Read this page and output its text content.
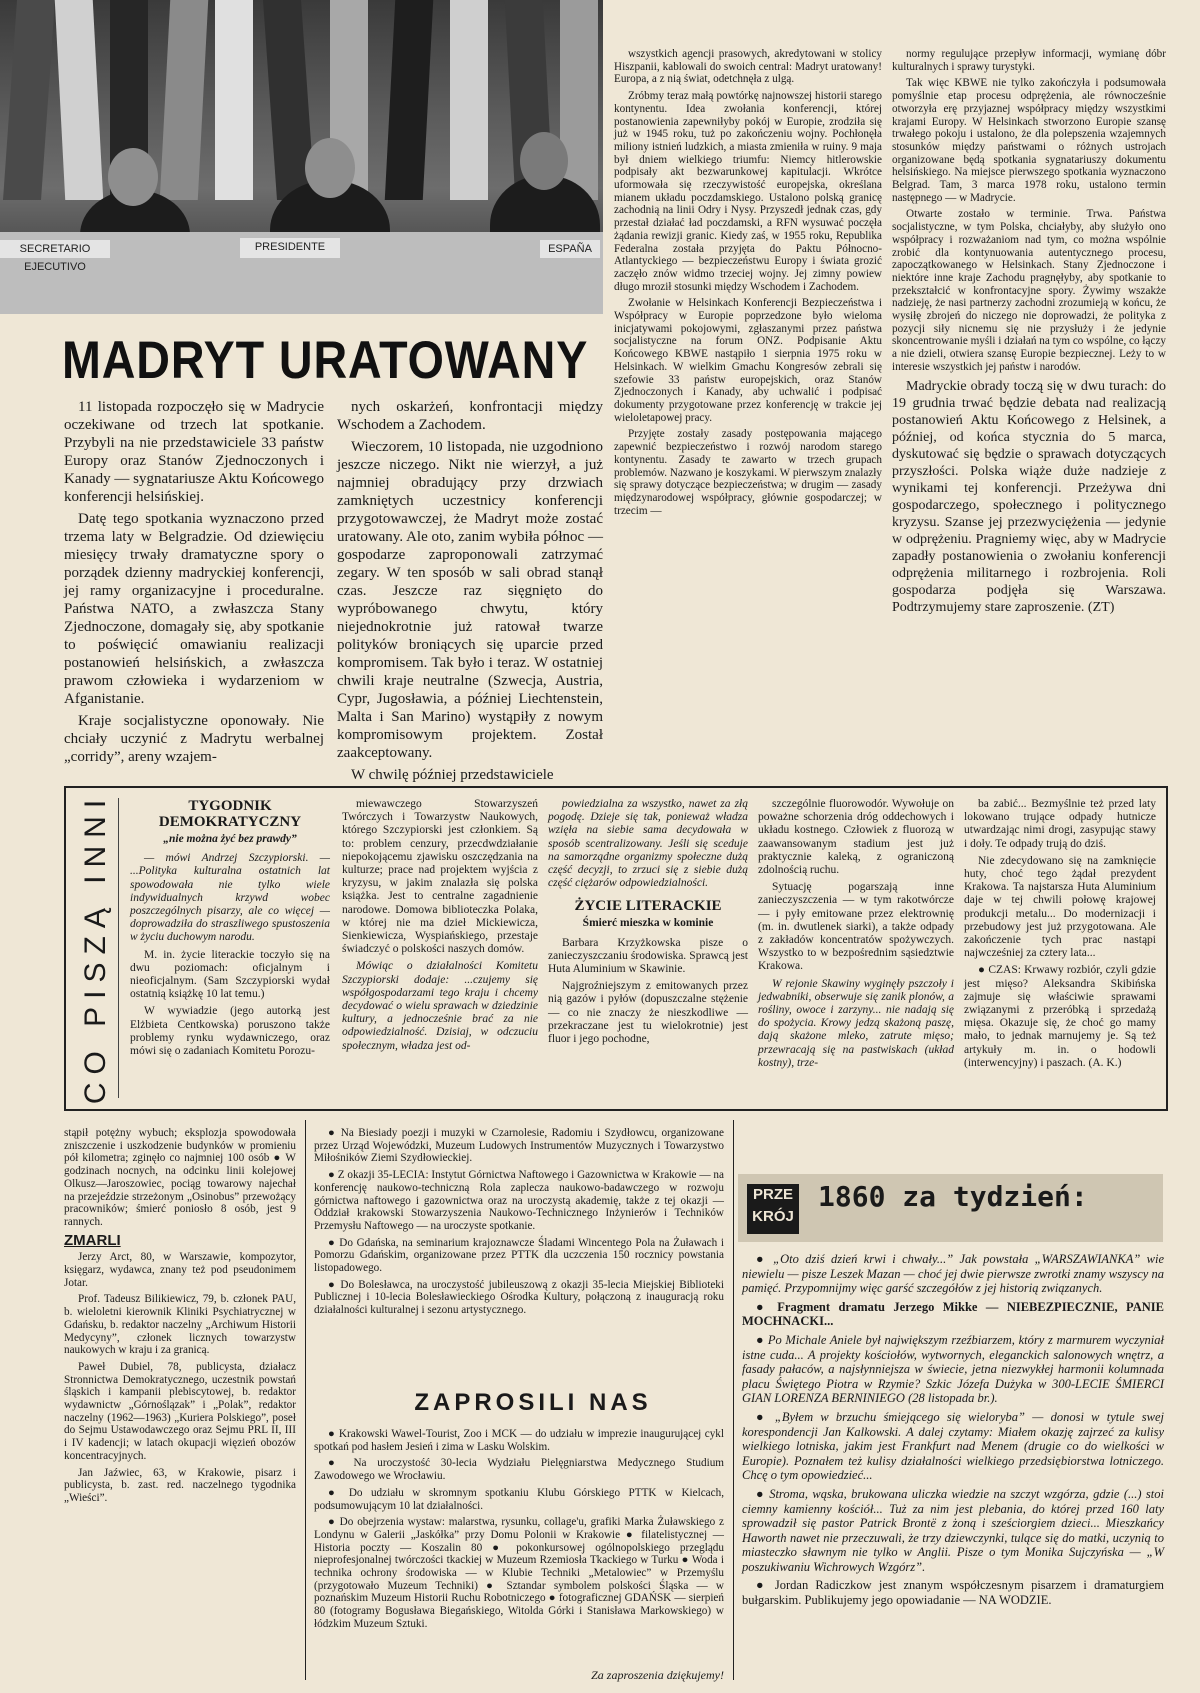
SECRETARIO EJECUTIVO
PRESIDENTE	ESPAÑA
MADRYT URATOWANY

11 listopada rozpoczęło się w Madrycie oczekiwane od trzech lat spotkanie. Przybyli na nie przedstawiciele 33 państw Europy oraz Stanów Zjednoczonych i Kanady — sygnatariusze Aktu Końcowego konferencji helsińskiej.

Datę tego spotkania wyznaczono przed trzema laty w Belgradzie. Od dziewięciu miesięcy trwały dramatyczne spory o porządek dzienny madryckiej konferencji, jej ramy organizacyjne i proceduralne. Państwa NATO, a zwłaszcza Stany Zjednoczone, domagały się, aby spotkanie to poświęcić omawianiu realizacji postanowień helsińskich, a zwłaszcza prawom człowieka i wydarzeniom w Afganistanie.

Kraje socjalistyczne oponowały. Nie chciały uczynić z Madrytu werbalnej „corridy”, areny wzajem-

nych oskarżeń, konfrontacji między Wschodem a Zachodem.

Wieczorem, 10 listopada, nie uzgodniono jeszcze niczego. Nikt nie wierzył, a już najmniej obradujący przy drzwiach zamkniętych uczestnicy konferencji przygotowawczej, że Madryt może zostać uratowany. Ale oto, zanim wybiła północ — gospodarze zaproponowali zatrzymać zegary. W ten sposób w sali obrad stanął czas. Jeszcze raz sięgnięto do wypróbowanego chwytu, który niejednokrotnie już ratował twarze polityków broniących się uparcie przed kompromisem. Tak było i teraz. W ostatniej chwili kraje neutralne (Szwecja, Austria, Cypr, Jugosławia, a później Liechtenstein, Malta i San Marino) wystąpiły z nowym kompromisowym projektem. Został zaakceptowany.

W chwilę później przedstawiciele

wszystkich agencji prasowych, akredytowani w stolicy Hiszpanii, kablowali do swoich central: Madryt uratowany! Europa, a z nią świat, odetchnęła z ulgą.

Zróbmy teraz małą powtórkę najnowszej historii starego kontynentu. Idea zwołania konferencji, której postanowienia zapewniłyby pokój w Europie, zrodziła się już w 1945 roku, tuż po zakończeniu wojny. Pochłonęła miliony istnień ludzkich, a miasta zmieniła w ruiny. 9 maja był dniem wielkiego triumfu: Niemcy hitlerowskie podpisały akt bezwarunkowej kapitulacji. Wkrótce uformowała się rzeczywistość europejska, określana mianem układu poczdamskiego. Ustalono polską granicę zachodnią na linii Odry i Nysy. Przyszedł jednak czas, gdy przestał działać ład poczdamski, a RFN wysuwać poczęła żądania rewizji granic. Kiedy zaś, w 1955 roku, Republika Federalna została przyjęta do Paktu Północno-Atlantyckiego — bezpieczeństwu Europy i świata grozić zaczęło znów widmo trzeciej wojny. Jej zimny powiew długo mroził stosunki między Wschodem i Zachodem.

Zwołanie w Helsinkach Konferencji Bezpieczeństwa i Współpracy w Europie poprzedzone było wieloma inicjatywami pokojowymi, zgłaszanymi przez państwa socjalistyczne na forum ONZ. Podpisanie Aktu Końcowego KBWE nastąpiło 1 sierpnia 1975 roku w Helsinkach. W wielkim Gmachu Kongresów zebrali się szefowie 33 państw europejskich, oraz Stanów Zjednoczonych i Kanady, aby uchwalić i podpisać dokumenty przygotowane przez konferencję w trakcie jej wieloletapowej pracy.

Przyjęte zostały zasady postępowania mającego zapewnić bezpieczeństwo i rozwój narodom starego kontynentu. Zasady te zawarto w trzech grupach problemów. Nazwano je koszykami. W pierwszym znalazły się sprawy dotyczące bezpieczeństwa; w drugim — zasady międzynarodowej współpracy, głównie gospodarczej; w trzecim —

normy regulujące przepływ informacji, wymianę dóbr kulturalnych i sprawy turystyki.

Tak więc KBWE nie tylko zakończyła i podsumowała pomyślnie etap procesu odprężenia, ale równocześnie otworzyła erę przyjaznej współpracy między wszystkimi krajami Europy. W Helsinkach stworzono Europie szansę trwałego pokoju i ustalono, że dla polepszenia wzajemnych stosunków między państwami o różnych ustrojach organizowane będą spotkania sygnatariuszy dokumentu helsińskiego. Na miejsce pierwszego spotkania wyznaczono Belgrad. Tam, 3 marca 1978 roku, ustalono termin następnego — w Madrycie.

Otwarte zostało w terminie. Trwa. Państwa socjalistyczne, w tym Polska, chciałyby, aby służyło ono współpracy i rozważaniom nad tym, co można wspólnie zrobić dla kontynuowania autentycznego procesu, zapoczątkowanego w Helsinkach. Stany Zjednoczone i niektóre inne kraje Zachodu pragnęłyby, aby spotkanie to przekształcić w konfrontacyjne spory. Żywimy wszakże nadzieję, że nasi partnerzy zachodni zrozumieją w końcu, że wysiłę zbrojeń do niczego nie doprowadzi, że polityka z pozycji siły nicnemu się nie przysłuży i że jedynie skoncentrowanie myśli i działań na tym co wspólne, co łączy a nie dzieli, otwiera szansę Europie bezpiecznej. Leży to w interesie wszystkich jej państw i narodów.

Madryckie obrady toczą się w dwu turach: do 19 grudnia trwać będzie debata nad realizacją postanowień Aktu Końcowego z Helsinek, a później, od końca stycznia do 5 marca, dyskutować się będzie o sprawach dotyczących przyszłości. Polska wiąże duże nadzieje z wynikami tej konferencji. Przeżywa dni gospodarczego, społecznego i politycznego kryzysu. Szanse jej przezwyciężenia — jedynie w odprężeniu. Pragniemy więc, aby w Madrycie zapadły postanowienia o zwołaniu konferencji odprężenia militarnego i rozbrojenia. Roli gospodarza podjęła się Warszawa. Podtrzymujemy stare zaproszenie. (ZT)

CO PISZĄ INNI	TYGODNIK DEMOKRATYCZNY
„nie można żyć bez prawdy”

— mówi Andrzej Szczypiorski. — ...Polityka kulturalna ostatnich lat spowodowała nie tylko wiele indywidualnych krzywd wobec poszczególnych pisarzy, ale co więcej — doprowadziła do straszliwego spustoszenia w życiu duchowym narodu.

M. in. życie literackie toczyło się na dwu poziomach: oficjalnym i nieoficjalnym. (Sam Szczypiorski wydał ostatnią książkę 10 lat temu.)

W wywiadzie (jego autorką jest Elżbieta Centkowska) poruszono także problemy rynku wydawniczego, oraz mówi się o zadaniach Komitetu Porozu-

miewawczego Stowarzyszeń Twórczych i Towarzystw Naukowych, którego Szczypiorski jest członkiem. Są to: problem cenzury, przecdwdziałanie niepokojącemu zjawisku oszczędzania na kulturze; prace nad projektem wyjścia z kryzysu, w jakim znalazła się polska książka. Jest to centralne zagadnienie narodowe. Domowa biblioteczka Polaka, w której nie ma dzieł Mickiewicza, Sienkiewicza, Wyspiańskiego, przestaje świadczyć o polskości naszych domów.

Mówiąc o działalności Komitetu Szczypiorski dodaje: ...czujemy się współgospodarzami tego kraju i chcemy decydować o wielu sprawach w dziedzinie kultury, a jednocześnie brać za nie odpowiedzialność. Dzisiaj, w odczuciu społecznym, władza jest od-

powiedzialna za wszystko, nawet za złą pogodę. Dzieje się tak, ponieważ władza wzięła na siebie sama decydowała w sposób scentralizowany. Jeśli się sceduje na samorządne organizmy społeczne dużą część decyzji, to zrzuci się z siebie dużą część ciężarów odpowiedzialności.

ŻYCIE LITERACKIE
Śmierć mieszka w kominie

Barbara Krzyżkowska pisze o zanieczyszczaniu środowiska. Sprawcą jest Huta Aluminium w Skawinie.

Najgroźniejszym z emitowanych przez nią gazów i pyłów (dopuszczalne stężenie — co nie znaczy że nieszkodliwe — przekraczane jest tu wielokrotnie) jest fluor i jego pochodne,

szczególnie fluorowodór. Wywołuje on poważne schorzenia dróg oddechowych i układu kostnego. Człowiek z fluorozą w zaawansowanym stadium jest już praktycznie kaleką, z ograniczoną zdolnością ruchu.

Sytuację pogarszają inne zanieczyszczenia — w tym rakotwórcze — i pyły emitowane przez elektrownię (m. in. dwutlenek siarki), a także odpady z zakładów koncentratów spożywczych. Wszystko to w bezpośrednim sąsiedztwie Krakowa.

W rejonie Skawiny wyginęły pszczoły i jedwabniki, obserwuje się zanik plonów, a rośliny, owoce i zarzyny... nie nadają się do spożycia. Krowy jedzą skażoną paszę, dają skażone mleko, zatrute mięso; przewracają się na pastwiskach (układ kostny), trze-

ba zabić... Bezmyślnie też przed laty lokowano trujące odpady hutnicze utwardzając nimi drogi, zasypując stawy i doły. Te odpady trują do dziś.

Nie zdecydowano się na zamknięcie huty, choć tego żądał prezydent Krakowa. Ta najstarsza Huta Aluminium daje w tej chwili połowę krajowej produkcji metalu... Do modernizacji i przebudowy jest już przygotowana. Ale zakończenie tych prac nastąpi najwcześniej za cztery lata...

● CZAS: Krwawy rozbiór, czyli gdzie jest mięso? Aleksandra Skibińska zajmuje się właściwie sprawami związanymi z przeróbką i sprzedażą mięsa. Okazuje się, że choć go mamy mało, to jednak marnujemy je. Są też artykuły m. in. o hodowli (interwencyjny) i paszach. (A. K.)

stąpił potężny wybuch; eksplozja spowodowała zniszczenie i uszkodzenie budynków w promieniu pół kilometra; zginęło co najmniej 100 osób ● W godzinach nocnych, na odcinku linii kolejowej Olkusz—Jaroszowiec, pociąg towarowy najechał na przejeździe strzeżonym „Osinobus” przewożący pracowników; śmierć poniosło 8 osób, jest 9 rannych.

ZMARLI

Jerzy Arct, 80, w Warszawie, kompozytor, księgarz, wydawca, znany też pod pseudonimem Jotar.

Prof. Tadeusz Bilikiewicz, 79, b. członek PAU, b. wieloletni kierownik Kliniki Psychiatrycznej w Gdańsku, b. redaktor naczelny „Archiwum Historii Medycyny”, członek licznych towarzystw naukowych w kraju i za granicą.

Paweł Dubiel, 78, publicysta, działacz Stronnictwa Demokratycznego, uczestnik powstań śląskich i kampanii plebiscytowej, b. redaktor wydawnictw „Górnoślązak” i „Polak”, redaktor naczelny (1962—1963) „Kuriera Polskiego”, poseł do Sejmu Ustawodawczego oraz Sejmu PRL II, III i IV kadencji; w latach okupacji więzień obozów koncentracyjnych.

Jan Jaźwiec, 63, w Krakowie, pisarz i publicysta, b. zast. red. naczelnego tygodnika „Wieści”.

● Na Biesiady poezji i muzyki w Czarnolesie, Radomiu i Szydłowcu, organizowane przez Urząd Wojewódzki, Muzeum Ludowych Instrumentów Muzycznych i Towarzystwo Miłośników Ziemi Szydłowieckiej.

● Z okazji 35-LECIA: Instytut Górnictwa Naftowego i Gazownictwa w Krakowie — na konferencję naukowo-techniczną Rola zaplecza naukowo-badawczego w rozwoju górnictwa naftowego i gazownictwa oraz na uroczystą akademię, także z tej okazji — Oddział krakowski Stowarzyszenia Naukowo-Technicznego Inżynierów i Techników Przemysłu Naftowego — na uroczyste spotkanie.

● Do Gdańska, na seminarium krajoznawcze Śladami Wincentego Pola na Żuławach i Pomorzu Gdańskim, organizowane przez PTTK dla uczczenia 150 rocznicy powstania listopadowego.

● Do Bolesławca, na uroczystość jubileuszową z okazji 35-lecia Miejskiej Biblioteki Publicznej i 10-lecia Bolesławieckiego Ośrodka Kultury, połączoną z inauguracją roku działalności kulturalnej i sezonu artystycznego.

ZAPROSILI NAS

● Krakowski Wawel-Tourist, Zoo i MCK — do udziału w imprezie inaugurującej cykl spotkań pod hasłem Jesień i zima w Lasku Wolskim.

● Na uroczystość 30-lecia Wydziału Pielęgniarstwa Medycznego Studium Zawodowego we Wrocławiu.

● Do udziału w skromnym spotkaniu Klubu Górskiego PTTK w Kielcach, podsumowującym 10 lat działalności.

● Do obejrzenia wystaw: malarstwa, rysunku, collage'u, grafiki Marka Żuławskiego z Londynu w Galerii „Jaskółka” przy Domu Polonii w Krakowie ● filatelistycznej — Historia poczty — Koszalin 80 ● pokonkursowej ogólnopolskiego przeglądu nieprofesjonalnej twórczości tkackiej w Muzeum Rzemiosła Tkackiego w Turku ● Woda i technika ochrony środowiska — w Klubie Techniki „Metalowiec” w Przemyślu (przygotowało Muzeum Techniki) ● Sztandar symbolem polskości Śląska — w poznańskim Muzeum Historii Ruchu Robotniczego ● fotograficznej GDAŃSK — sierpień 80 (fotogramy Bogusława Biegańskiego, Witolda Górki i Stanisława Markowskiego) w łódzkim Muzeum Sztuki.

Za zaproszenia dziękujemy!
PRZE
KRÓJ
1860 za tydzień:

● „Oto dziś dzień krwi i chwały...” Jak powstała „WARSZAWIANKA” wie niewielu — pisze Leszek Mazan — choć jej dwie pierwsze zwrotki znamy wszyscy na pamięć. Przypomnijmy więc garść szczegółów z jej historią związanych.

● Fragment dramatu Jerzego Mikke — NIEBEZPIECZNIE, PANIE MOCHNACKI...

● Po Michale Aniele był największym rzeźbiarzem, który z marmurem wyczyniał istne cuda... A projekty kościołów, wytwornych, eleganckich salonowych wnętrz, a fasady pałaców, a najsłynniejsza w świecie, jetna niezwykłej harmonii kolumnada placu Świętego Piotra w Rzymie? Szkic Józefa Dużyka w 300-LECIE ŚMIERCI GIAN LORENZA BERNINIEGO (28 listopada br.).

● „Byłem w brzuchu śmiejącego się wieloryba” — donosi w tytule swej korespondencji Jan Kalkowski. A dalej czytamy: Miałem okazję zajrzeć za kulisy wielkiego lotniska, jakim jest Frankfurt nad Menem (drugie co do wielkości w Europie). Poznałem też kulisy działalności wielkiego przedsiębiorstwa lotniczego. Chcę o tym opowiedzieć...

● Stroma, wąska, brukowana uliczka wiedzie na szczyt wzgórza, gdzie (...) stoi ciemny kamienny kościół... Tuż za nim jest plebania, do której przed 160 laty sprowadził się pastor Patrick Brontë z żoną i sześciorgiem dzieci... Mieszkańcy Haworth nawet nie przeczuwali, że trzy dziewczynki, tulące się do matki, uczynią to miasteczko sławnym nie tylko w Anglii. Pisze o tym Monika Sujczyńska — „W poszukiwaniu Wichrowych Wzgórz”.

● Jordan Radiczkow jest znanym współczesnym pisarzem i dramaturgiem bułgarskim. Publikujemy jego opowiadanie — NA WODZIE.
